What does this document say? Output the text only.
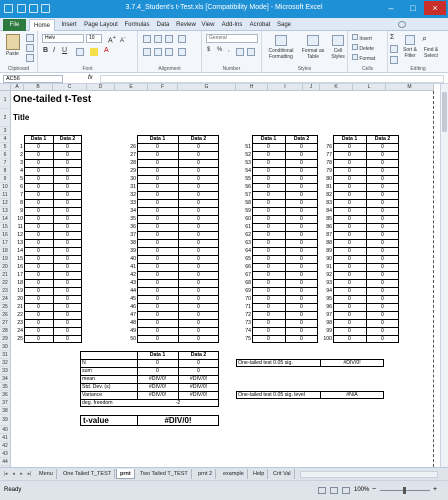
3.7.4_Student's t-Test.xls [Compatibility Mode] - Microsoft Excel	–	□	×
File	Home	Insert	Page Layout	Formulas	Data	Review View	Add-Ins	Acrobat	Sage
Paste
Clipboard
Helv	10	A+ A-
B I U	A
Font	Alignment
General
$ % ,
Number
Conditional Formatting
Format as Table
Cell Styles
Styles
Insert
Delete
Format
Cells
Σ
Sort & Filter
⌕
Find & Select
Editing
AC56	fx
A	B	C	D	E	F	G	H	I	J	K	L	M
1
2
3
4
5
6
7
8
9
10
11
12
13
14
15
16
17
18
19
20
21
22
23
24
25
26
27
28
29
30
31
32
33
34
35
36
37
38
39
40
41
42
43
44
One-tailed t-Test
Title
Data 1	Data 2
1	0	0
2	0	0
3	0	0
4	0	0
5	0	0
6	0	0
7	0	0
8	0	0
9	0	0
10	0	0
11	0	0
12	0	0
13	0	0
14	0	0
15	0	0
16	0	0
17	0	0
18	0	0
19	0	0
20	0	0
21	0	0
22	0	0
23	0	0
24	0	0
25	0	0
Data 1	Data 2
26	0	0
27	0	0
28	0	0
29	0	0
30	0	0
31	0	0
32	0	0
33	0	0
34	0	0
35	0	0
36	0	0
37	0	0
38	0	0
39	0	0
40	0	0
41	0	0
42	0	0
43	0	0
44	0	0
45	0	0
46	0	0
47	0	0
48	0	0
49	0	0
50	0	0
Data 1	Data 2
51	0	0
52	0	0
53	0	0
54	0	0
55	0	0
56	0	0
57	0	0
58	0	0
59	0	0
60	0	0
61	0	0
62	0	0
63	0	0
64	0	0
65	0	0
66	0	0
67	0	0
68	0	0
69	0	0
70	0	0
71	0	0
72	0	0
73	0	0
74	0	0
75	0	0
Data 1	Data 2
76	0	0
77	0	0
78	0	0
79	0	0
80	0	0
81	0	0
82	0	0
83	0	0
84	0	0
85	0	0
86	0	0
87	0	0
88	0	0
89	0	0
90	0	0
91	0	0
92	0	0
93	0	0
94	0	0
95	0	0
96	0	0
97	0	0
98	0	0
99	0	0
100	0	0
Data 1	Data 2
N	0	0
sum	0	0
mean	#DIV/0!	#DIV/0!
Std. Dev. (s)	#DIV/0!	#DIV/0!
Variance	#DIV/0!	#DIV/0!
deg. freedom	-2
t-value	#DIV/0!
One-tailed test 0.05 sig.	#DIV/0!
One-tailed test 0.05 sig. level	#N/A
|◂ ◂	▸ ▸|	Menu	One Tailed T_TEST	prnt	Two Tailed T_TEST	prnt 2	example	Help	Crit Val
Ready	100% −	+
